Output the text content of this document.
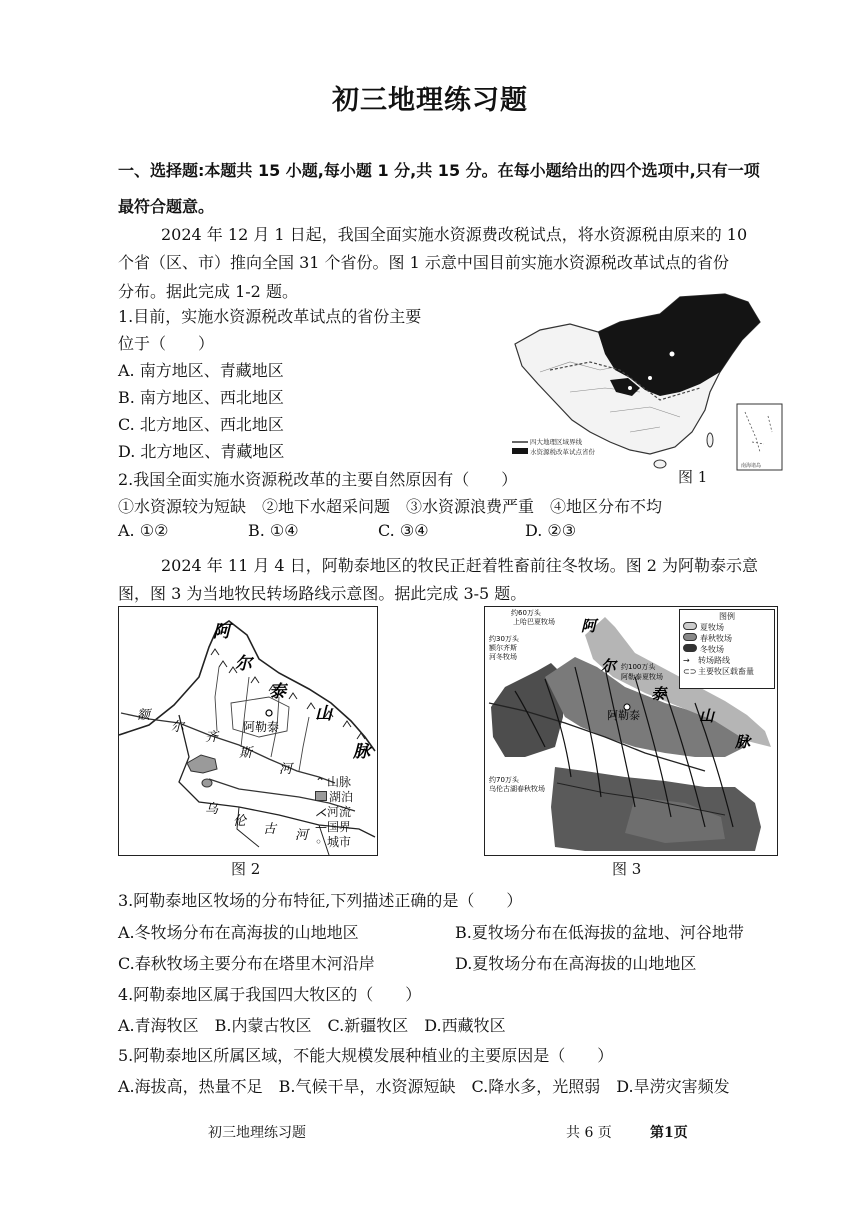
初三地理练习题
一、选择题:本题共 15 小题,每小题 1 分,共 15 分。在每小题给出的四个选项中,只有一项
最符合题意。
2024 年 12 月 1 日起，我国全面实施水资源费改税试点，将水资源税由原来的 10
个省（区、市）推向全国 31 个省份。图 1 示意中国目前实施水资源税改革试点的省份
分布。据此完成 1-2 题。
1.目前，实施水资源税改革试点的省份主要
位于（　　）
A. 南方地区、青藏地区
B. 南方地区、西北地区
C. 北方地区、西北地区
D. 北方地区、青藏地区
南海诸岛
四大地理区域界线
水资源税改革试点省份
图 1
2.我国全面实施水资源税改革的主要自然原因有（　　）
①水资源较为短缺　②地下水超采问题　③水资源浪费严重　④地区分布不均
A. ①②	B. ①④	C. ③④	D. ②③
2024 年 11 月 4 日，阿勒泰地区的牧民正赶着牲畜前往冬牧场。图 2 为阿勒泰示意
图，图 3 为当地牧民转场路线示意图。据此完成 3-5 题。
阿
尔
泰
山
脉
额
尔
齐
斯
河
乌
伦
古 河
阿勒泰
⌃ 山脉
湖泊
⋌河流
—国界
◦ 城市
图 2
阿
尔
泰
山
脉
阿勒泰
约60万头
上哈巴夏牧场
约30万头
额尔齐斯
河冬牧场
约100万头
阿勒泰夏牧场
约70万头
乌伦古湖春秋牧场
图例
夏牧场
春秋牧场
冬牧场
→ 转场路线
⊂⊃ 主要牧区载畜量
图 3
3.阿勒泰地区牧场的分布特征,下列描述正确的是（　　）
A.冬牧场分布在高海拔的山地地区	B.夏牧场分布在低海拔的盆地、河谷地带
C.春秋牧场主要分布在塔里木河沿岸	D.夏牧场分布在高海拔的山地地区
4.阿勒泰地区属于我国四大牧区的（　　）
A.青海牧区　B.内蒙古牧区　C.新疆牧区　D.西藏牧区
5.阿勒泰地区所属区域，不能大规模发展种植业的主要原因是（　　）
A.海拔高，热量不足　B.气候干旱，水资源短缺　C.降水多，光照弱　D.旱涝灾害频发
初三地理练习题	共 6 页	第1页
